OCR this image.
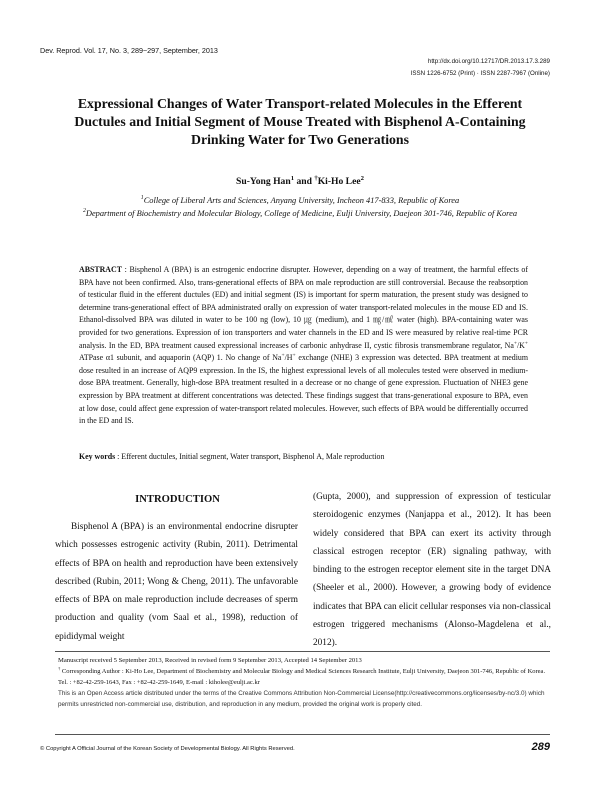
Dev. Reprod. Vol. 17, No. 3, 289~297, September, 2013
http://dx.doi.org/10.12717/DR.2013.17.3.289
ISSN 1226-6752 (Print) · ISSN 2287-7967 (Online)
Expressional Changes of Water Transport-related Molecules in the Efferent Ductules and Initial Segment of Mouse Treated with Bisphenol A-Containing Drinking Water for Two Generations
Su-Yong Han$^1$ and †Ki-Ho Lee$^2$
$^1$College of Liberal Arts and Sciences, Anyang University, Incheon 417-833, Republic of Korea
$^2$Department of Biochemistry and Molecular Biology, College of Medicine, Eulji University, Daejeon 301-746, Republic of Korea
ABSTRACT : Bisphenol A (BPA) is an estrogenic endocrine disrupter. However, depending on a way of treatment, the harmful effects of BPA have not been confirmed. Also, trans-generational effects of BPA on male reproduction are still controversial. Because the reabsorption of testicular fluid in the efferent ductules (ED) and initial segment (IS) is important for sperm maturation, the present study was designed to determine trans-generational effect of BPA administrated orally on expression of water transport-related molecules in the mouse ED and IS. Ethanol-dissolved BPA was diluted in water to be 100 ng (low), 10 ㎍ (medium), and 1 ㎎/㎖ water (high). BPA-containing water was provided for two generations. Expression of ion transporters and water channels in the ED and IS were measured by relative real-time PCR analysis. In the ED, BPA treatment caused expressional increases of carbonic anhydrase II, cystic fibrosis transmembrane regulator, Na+/K+ ATPase α1 subunit, and aquaporin (AQP) 1. No change of Na+/H+ exchange (NHE) 3 expression was detected. BPA treatment at medium dose resulted in an increase of AQP9 expression. In the IS, the highest expressional levels of all molecules tested were observed in medium-dose BPA treatment. Generally, high-dose BPA treatment resulted in a decrease or no change of gene expression. Fluctuation of NHE3 gene expression by BPA treatment at different concentrations was detected. These findings suggest that trans-generational exposure to BPA, even at low dose, could affect gene expression of water-transport related molecules. However, such effects of BPA would be differentially occurred in the ED and IS.
Key words : Efferent ductules, Initial segment, Water transport, Bisphenol A, Male reproduction
INTRODUCTION
Bisphenol A (BPA) is an environmental endocrine disrupter which possesses estrogenic activity (Rubin, 2011). Detrimental effects of BPA on health and reproduction have been extensively described (Rubin, 2011; Wong & Cheng, 2011). The unfavorable effects of BPA on male reproduction include decreases of sperm production and quality (vom Saal et al., 1998), reduction of epididymal weight
(Gupta, 2000), and suppression of expression of testicular steroidogenic enzymes (Nanjappa et al., 2012). It has been widely considered that BPA can exert its activity through classical estrogen receptor (ER) signaling pathway, with binding to the estrogen receptor element site in the target DNA (Sheeler et al., 2000). However, a growing body of evidence indicates that BPA can elicit cellular responses via non-classical estrogen triggered mechanisms (Alonso-Magdelena et al., 2012).
Manuscript received 5 September 2013, Received in revised form 9 September 2013, Accepted 14 September 2013
† Corresponding Author : Ki-Ho Lee, Department of Biochemistry and Molecular Biology and Medical Sciences Research Institute, Eulji University, Daejeon 301-746, Republic of Korea. Tel. : +82-42-259-1643, Fax : +82-42-259-1649, E-mail : kiholee@eulji.ac.kr
This is an Open Access article distributed under the terms of the Creative Commons Attribution Non-Commercial License(http://creativecommons.org/licenses/by-nc/3.0) which permits unrestricted non-commercial use, distribution, and reproduction in any medium, provided the original work is properly cited.
© Copyright A Official Journal of the Korean Society of Developmental Biology. All Rights Reserved.	289
